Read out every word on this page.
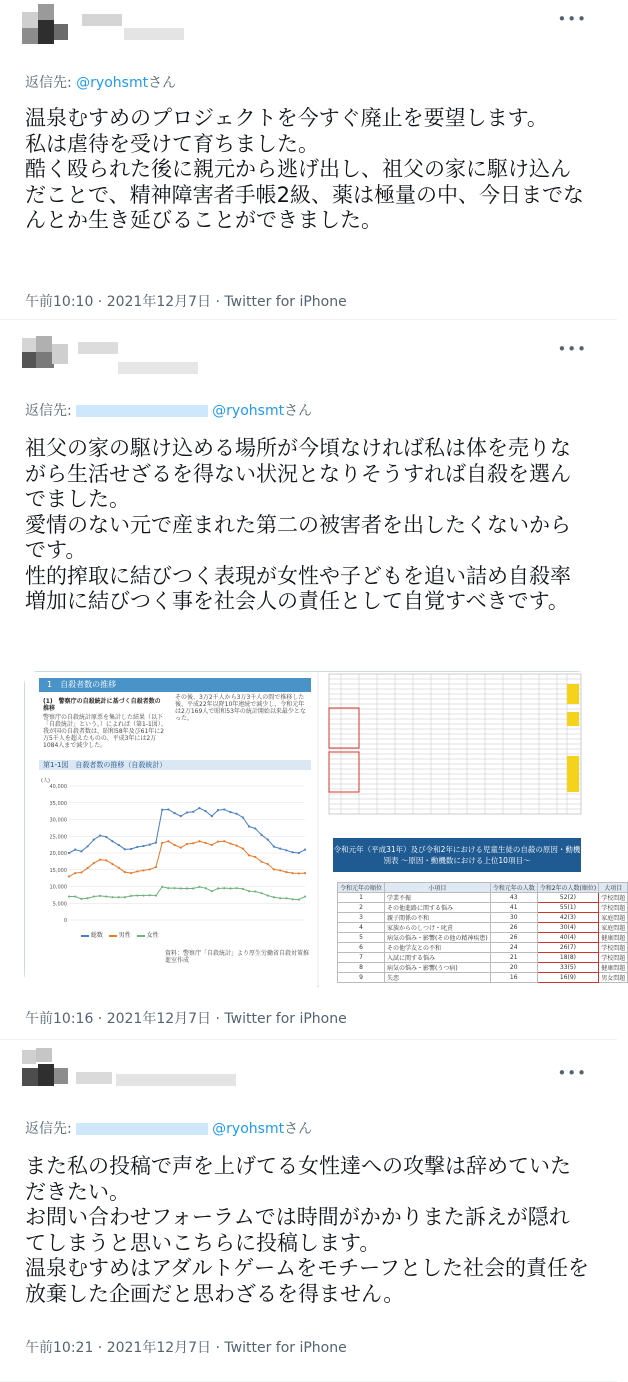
•••
返信先: @ryohsmtさん
温泉むすめのプロジェクトを今すぐ廃止を要望します。
私は虐待を受けて育ちました。
酷く殴られた後に親元から逃げ出し、祖父の家に駆け込んだことで、精神障害者手帳2級、薬は極量の中、今日までなんとか生き延びることができました。
午前10:10 · 2021年12月7日 · Twitter for iPhone
•••
返信先:	@ryohsmtさん
祖父の家の駆け込める場所が今頃なければ私は体を売りながら生活せざるを得ない状況となりそうすれば自殺を選んでました。
愛情のない元で産まれた第二の被害者を出したくないからです。
性的搾取に結びつく表現が女性や子どもを追い詰め自殺率増加に結びつく事を社会人の責任として自覚すべきです。
午前10:16 · 2021年12月7日 · Twitter for iPhone
1　自殺者数の推移
(1)　警察庁の自殺統計に基づく自殺者数の推移
警察庁の自殺統計原票を集計した結果（以下「自殺統計」という。）によれば（第1-1図）、我が国の自殺者数は、昭和58年及び61年に2万5千人を超えたものの、平成3年には2万1084人まで減少した。
その後、3万2千人から3万3千人の間で推移した後、平成22年以降10年連続で減少し、令和元年は2万169人で昭和53年の統計開始以来最少となった。
第1-1図　自殺者数の推移（自殺統計）
(人)
0
5,000
10,000
15,000
20,000
25,000
30,000
35,000
40,000
資料：警察庁「自殺統計」より厚生労働省自殺対策推進室作成
総数	男性	女性
令和元年（平成31年）及び令和2年における児童生徒の自殺の原因・動機別表 ～原因・動機数における上位10項目～
令和元年の順位	小項目	令和元年の人数	令和2年の人数(順位)	大項目
1	学業不振	43	52(2)	学校問題
2	その他進路に関する悩み	41	55(1)	学校問題
3	親子関係の不和	30	42(3)	家庭問題
4	家族からのしつけ・叱責	26	30(4)	家庭問題
5	病気の悩み・影響(その他の精神疾患)	26	40(4)	健康問題
6	その他学友との不和	24	26(7)	学校問題
7	入試に関する悩み	21	18(8)	学校問題
8	病気の悩み・影響(うつ病)	20	33(5)	健康問題
9	失恋	16	16(9)	男女問題
•••
返信先:	@ryohsmtさん
また私の投稿で声を上げてる女性達への攻撃は辞めていただきたい。
お問い合わせフォーラムでは時間がかかりまた訴えが隠れてしまうと思いこちらに投稿します。
温泉むすめはアダルトゲームをモチーフとした社会的責任を放棄した企画だと思わざるを得ません。
午前10:21 · 2021年12月7日 · Twitter for iPhone
